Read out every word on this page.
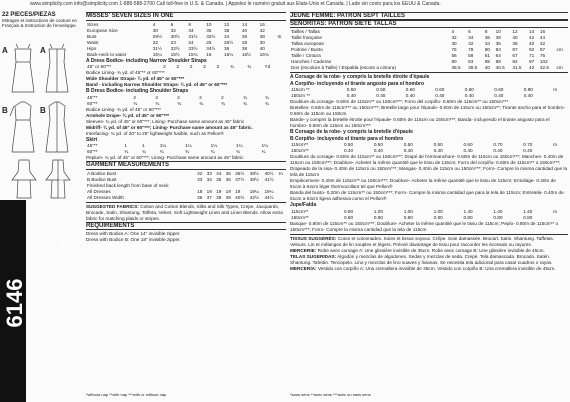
www.simplicity.com info@simplicity.com 1-888-588-2700 Call toll-free in U.S. & Canada. | Appelez le numéro gratuit aux Etats-Unis et Canada. | Lade sin costo para los EEUU & Canada.
22 PIECES/PIEZAS
Mitrages et instructions de couture en Français & Instruction de l'enveloppe.
A	A
B	B
SIZE | TAILLE | TALLA H5 6-14 A EURO 32-40 EURO 38-42
6146
MISSES' SEVEN SIZES IN ONE
Sizes	4	6	8	10	12	14	16	
European Size	30	32	34	36	38	40	42	
Bust	29½	30½	31½	32½	34	36	38	In
Waist	22	23	24	25	26½	28	30	
Hips	31½	32½	33½	34½	36	38	40	
Back-neck to waist	15¼	15½	15¾	16	16¼	16½	16¾	
A Dress Bodice- including Narrow Shoulder Straps
45" or 60"**	2	2	2	2	2	¾	¾	Yd
Bodice Lining- ¾ yd. of 45"** or 60"***
Wide Shoulder Straps- ¾ yd. of 45" or 60"***
Band - including Narrow Shoulder Straps- ¾ yd. of 45" or 60"***
B Dress Bodice- including Shoulder Straps
45"**	2	2	2	2	2	¾	¾
60"**	¾	¾	¾	¾	¾	¾	¾
Bodice Lining- ¾ yd. of 45" or 60"***
Armhole Drape- ¾ yd. of 45" or 60"***
Sleeves- ¾ yd. of 45" or 60"***; Lining- Purchase same amount as 45" fabric
Midriff- ¾ yd. of 45" or 60"***; Lining- Purchase same amount as 45" fabric.
Interfacing- ¾ yd. of 20" to 25" lightweight fusible, such as Pellon®
Skirt
45"**	1	1	1¼	1¼	1¼	1¼	1¼
60"**	¾	¾	¾	¾	¾	¾	¾
Peplum- ¾ yd. of 45" or 60"***; Lining- Purchase same amount as 45" fabric
GARMENT MEASUREMENTS
A Bodice Bust	32	33	34	35	36½	38½	40½	In
B Bodice Bust	33	34	35	36	37½	39½	41½	
Finished back length from base of neck								
All Dresses	18	19	19	19	19	19¼	19¼	
All Dresses Width	36	37	38	39	40½	42½	44½	
SUGGESTED FABRICS: Cotton and Cotton Blends, Silks and Silk Types, Crepe, Jacquards, Brocade, Satin, Shantung, Taffeta, Velvet. Soft Lightweight Linen and Linen Blends. Allow extra fabric for matching plaids or stripes.
REQUIREMENTS
Dress with Bodice A: One 14" invisible zipper.
Dress with Bodice B: One 18" invisible zipper.
*without nap **with nap ***with or without nap
JEUNE FEMME: PATRON SEPT TAILLES
SEÑORITAS: PATRON SIETE TALLAS
Tailles / Tallas	4	6	8	10	12	14	16	
Taille française	32	34	36	38	40	42	44	
Tallas europeas	30	32	34	36	38	40	42	
Poitrine / Busto	75	78	80	83	87	92	97	cm
Taille / Cintura	56	58	61	64	67	71	76	
Hanches / Caderas	80	83	85	88	92	97	102	
Dos (encolure à Taille) / Espalda (escote a cintura)	38.5	39.5	40	40.5	41.5	42	42.5	cm
A Corsage de la robe- y compris la bretelle étroite d'épaule
A Corpiño- incluyendo el tirante angosto para el hombro
115cm **	0.50	0.50	0.60	0.60	0.60	0.60	0.80	m
150cm **	0.40	0.40	0.40	0.40	0.40	0.40	0.40	
Doublure du corsage- 0.60m de 115cm** ou 150cm***; Forro del corpiño- 0.60m de 115cm** ou 150cm***
Bretelles- 0.60m de 115cm*** ou 150cm***; Bretelle large pour l'épaule- 0.60m de 115cm ou 150cm**; Tirante ancho para el hombro- 0.60m de 115cm ou 150cm
Bande- y compris la bretelle étroite pour l'épaule- 0.60m de 115cm ou 150cm***; Banda- incluyendo el tirante angosto para el hombro- 0.60m de 115cm ou 150cm***
B Corsage de la robe- y compris la bretelle d'épaule
B Corpiño- incluyendo el tirante para el hombro
115cm**	0.50	0.50	0.50	0.50	0.60	0.70	0.70	m
150cm**	0.40	0.40	0.40	0.40	0.40	0.40	0.40	
Doublure du corsage- 0.60m de 115cm** ou 150cm***; Drapé de l'emmanchure- 0.60m de 115cm ou 150cm***; Manches- 0.40m de 115cm ou 150cm***; Doublure- Acheter la même quantité que le tissu de 115cm; Forro del corpiño- 0.60m de 115cm** o 150cm***; Drapeado de la sisa- 0.40m de 115cm ou 150cm***; Mangas- 0.40m de 115cm ou 150cm***; Forro- Compre la misma cantidad que la tela de 115cm
Empiècement- 0.40m de 115cm** ou 150cm***; Doublure- Acheter la même quantité que le tissu de 115cm; Entoilage- 0.40m de 51cm à 64cm léger thermocollant tel que Pellon®
Banda del busto- 0.20m de 115cm** ou 150cm***; Forro- Compre la misma cantidad que para la tela de 115cm; Entretela- 0.40m de 51cm a 64cm ligera adhesiva como el Pellon®
Jupe/Falda
115cm**	0.80	1.00	1.00	1.00	1.40	1.40	1.40	m
150cm**	0.80	0.80	0.80	0.80	0.80	0.80	0.80	
Basque- 0.80m de 115cm** ou 150cm***; Doublure- Acheter la même quantité que le tissu de 115cm; Peplo- 0.80m de 115cm** o 150cm***; Forro- Compre la misma cantidad que la tela de 115cm
TISSUS SUGGÉRÉS: Coton et cotonnades. Soies et tissus soyeux. Crêpe. Soie damassée. Brocart. Satin. Shantung. Taffetas. Velours. Lin et mélanges de lin souples et légers. Prévoir davantage de tissu pour raccorder les écossais ou rayures.
MERCERIE: Robe avec corsage A: Une glissière invisible de 35cm. Robe avec corsage B: Une glissière invisible de 45cm.
TELAS SUGERIDAS: Algodón y mezclas de algodones. Sedas y mezclas de seda. Crepé. Tela damascada. Brocado. Satén. Shantung. Tafetán. Terciopelo. Lino y mezclas de lino suaves y livianas. Se necesita tela adicional para casar cuadros o rayas.
MERCERÍA: Vestido con corpiño A: Una cremallera invisible de 35cm. Vestido con corpiño B: Una cremallera invisible de 45cm.
*sans sens **avec sens ***avec ou sans sens
